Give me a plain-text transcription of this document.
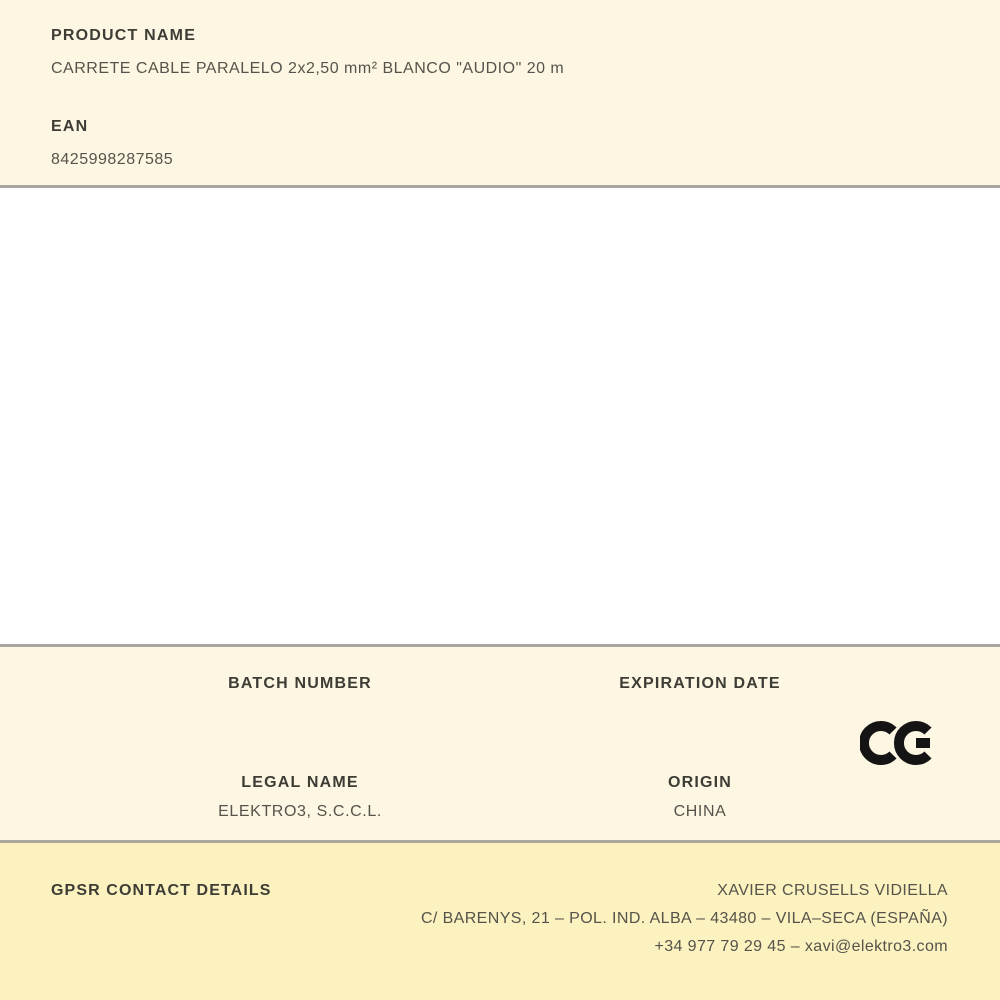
PRODUCT NAME
CARRETE CABLE PARALELO 2x2,50 mm² BLANCO "AUDIO" 20 m
EAN
8425998287585
BATCH NUMBER	EXPIRATION DATE
LEGAL NAME
ELEKTRO3, S.C.C.L.
ORIGIN
CHINA
GPSR CONTACT DETAILS	XAVIER CRUSELLS VIDIELLA
C/ BARENYS, 21 – POL. IND. ALBA – 43480 – VILA–SECA (ESPAÑA)
+34 977 79 29 45 – xavi@elektro3.com
